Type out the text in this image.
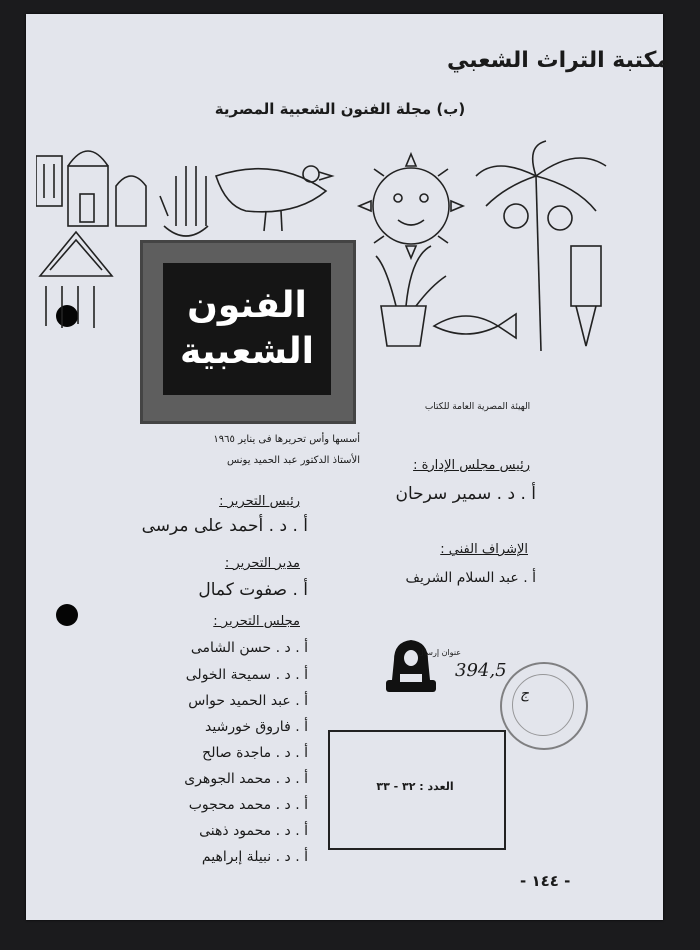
مكتبة التراث الشعبي
(ب) مجلة الفنون الشعبية المصرية
الفنون
الشعبية
الهيئة المصرية العامة للكتاب
أسسها وأس تحريرها فى يناير ١٩٦٥
الأستاذ الدكتور عبد الحميد يونس	رئيس مجلس الإدارة :
أ . د . سمير سرحان
الإشراف الفني :
أ . عبد السلام الشريف
رئيس التحرير :
أ . د . أحمد على مرسى
مدير التحرير :
أ . صفوت كمال
مجلس التحرير :
أ . د . حسن الشامى
أ . د . سميحة الخولى
أ . عبد الحميد حواس
أ . فاروق خورشيد
أ . د . ماجدة صالح
أ . د . محمد الجوهرى
أ . د . محمد محجوب
أ . د . محمود ذهنى
أ . د . نبيلة إبراهيم
عنوان إرسال
394,5
ج
العدد : ٣٢ - ٣٣
- ١٤٤ -
